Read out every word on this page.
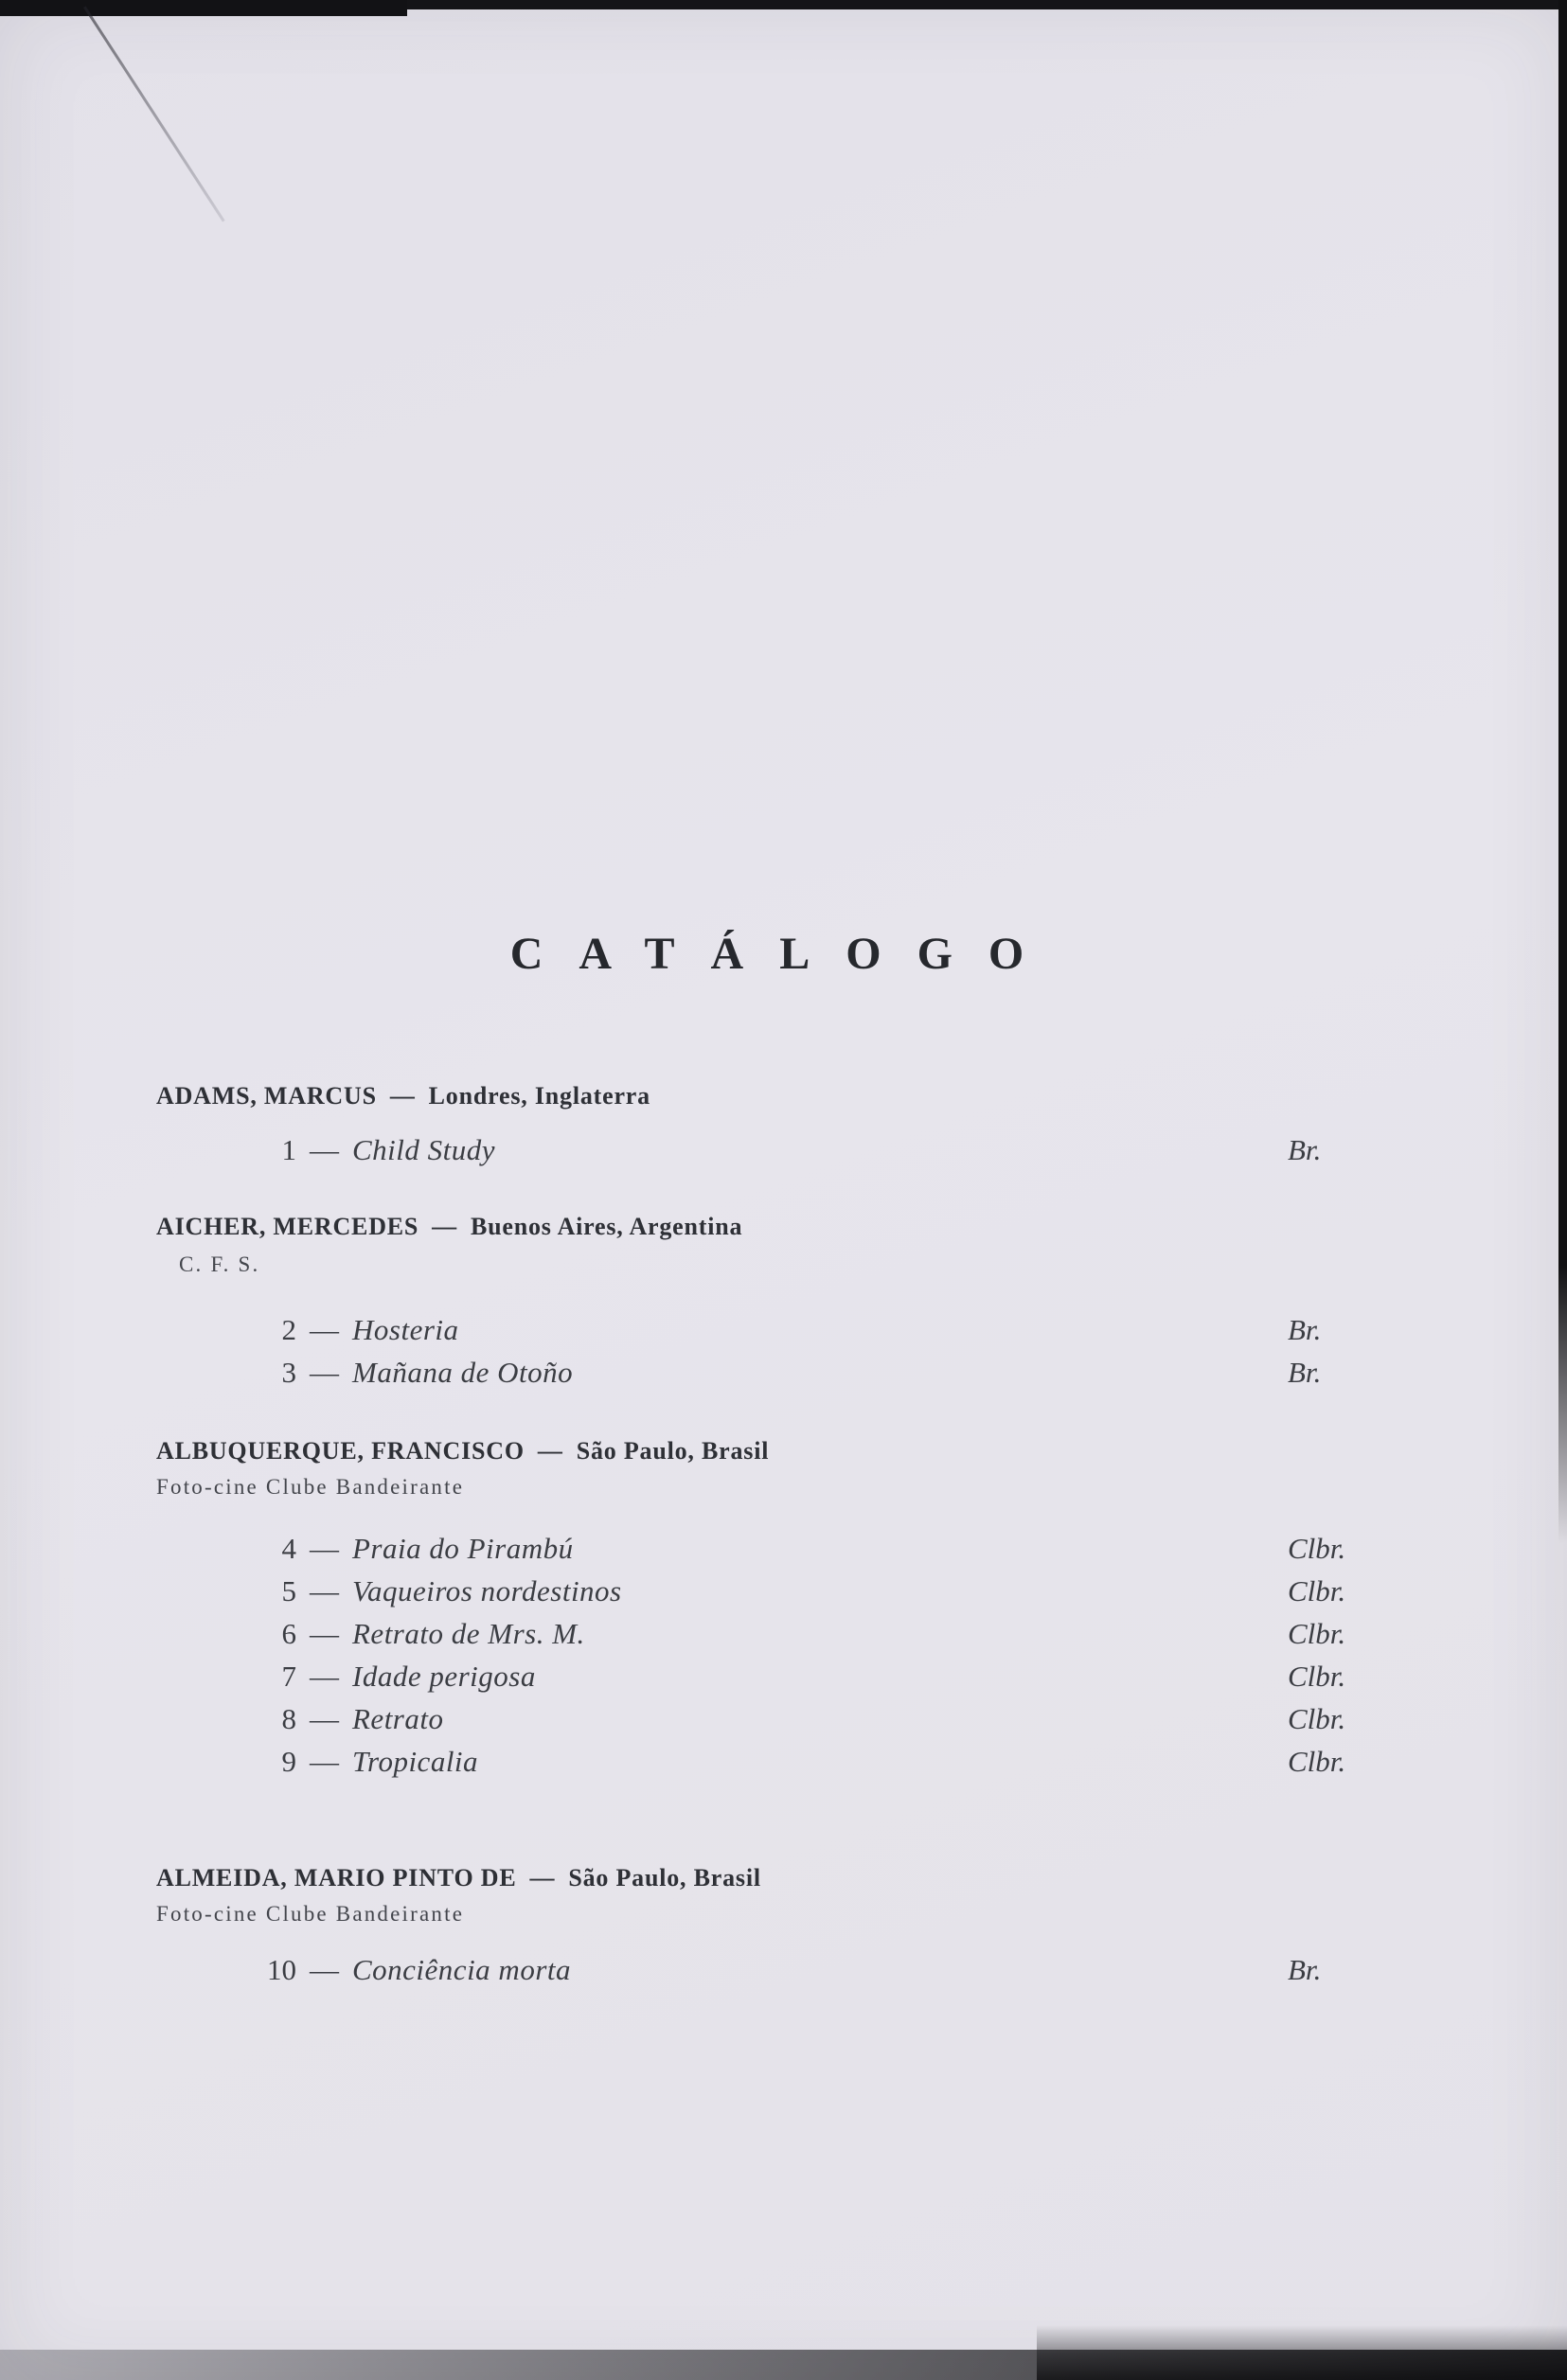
CATÁLOGO
ADAMS, MARCUS — Londres, Inglaterra
1 — Child Study	Br.
AICHER, MERCEDES — Buenos Aires, Argentina
C. F. S.
2 — Hosteria	Br.
3 — Mañana de Otoño	Br.
ALBUQUERQUE, FRANCISCO — São Paulo, Brasil
Foto-cine Clube Bandeirante
4 — Praia do Pirambú	Clbr.
5 — Vaqueiros nordestinos	Clbr.
6 — Retrato de Mrs. M.	Clbr.
7 — Idade perigosa	Clbr.
8 — Retrato	Clbr.
9 — Tropicalia	Clbr.
ALMEIDA, MARIO PINTO DE — São Paulo, Brasil
Foto-cine Clube Bandeirante
10 — Conciência morta	Br.
